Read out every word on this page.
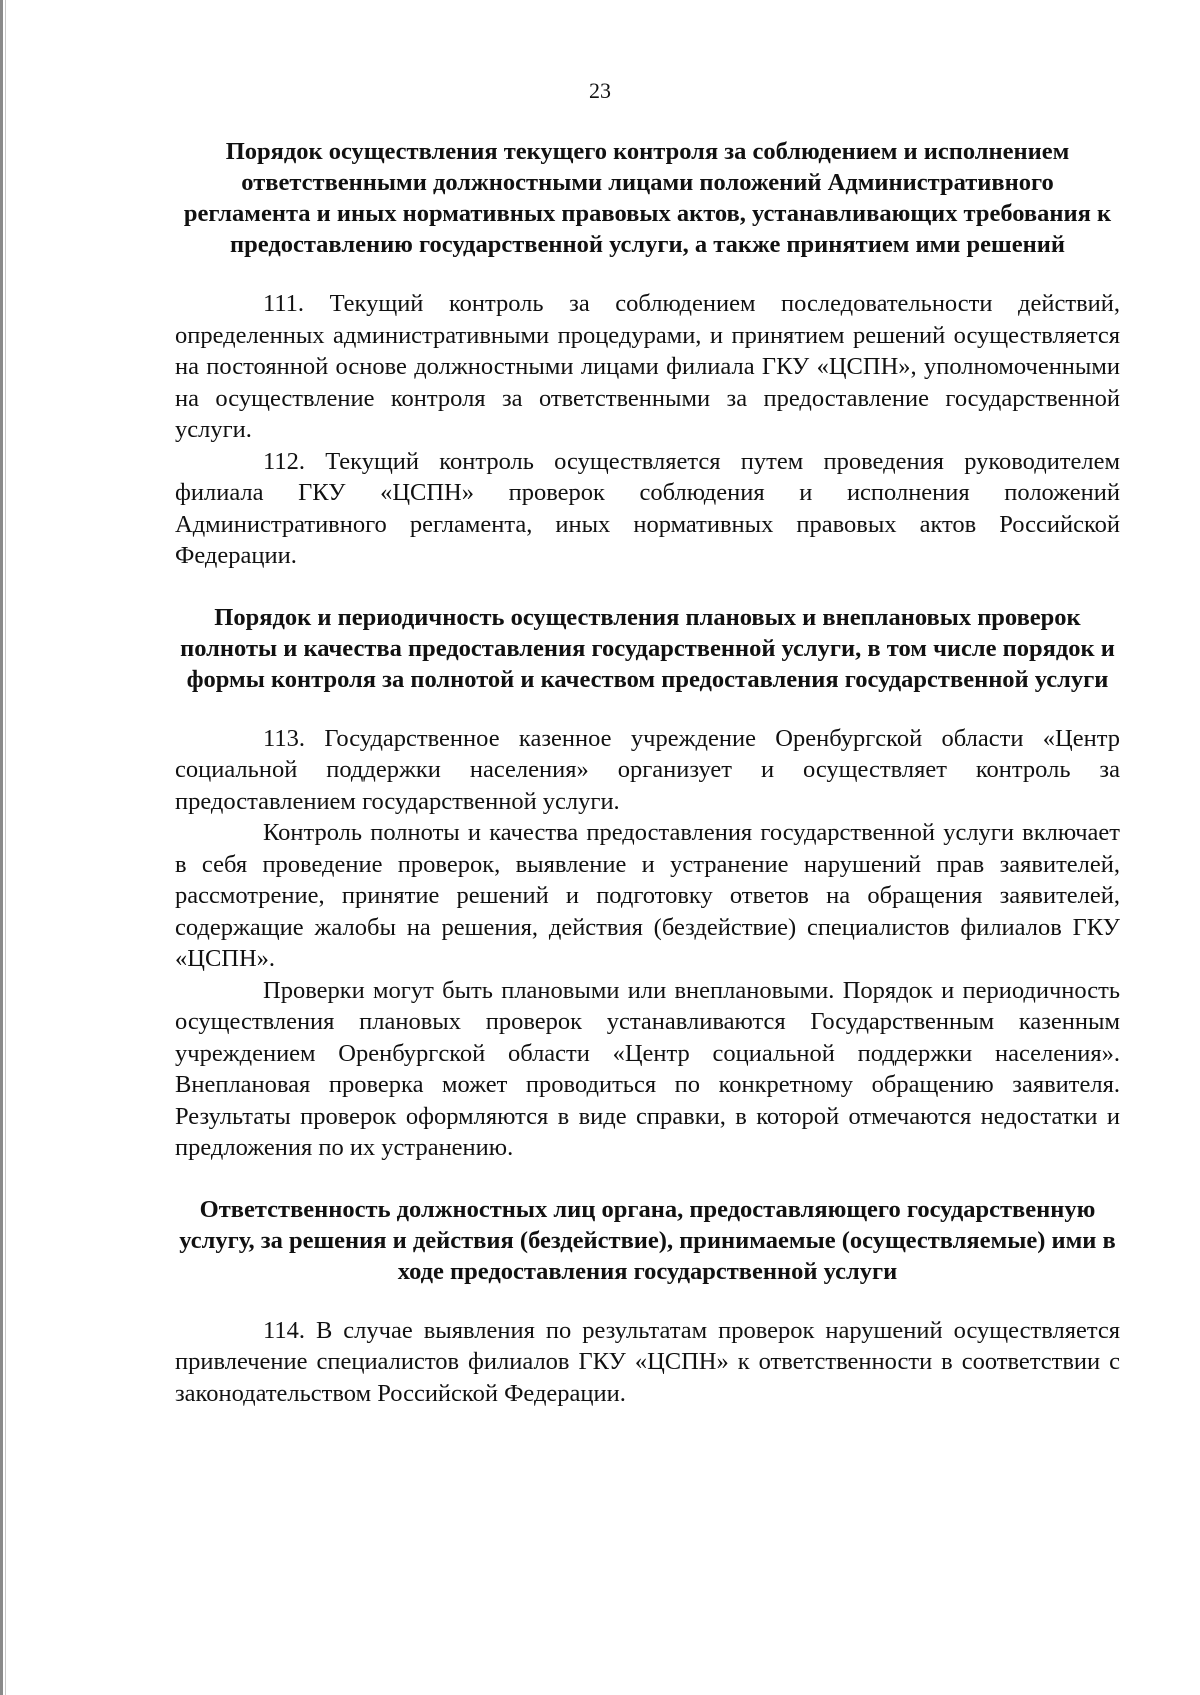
23
Порядок осуществления текущего контроля за соблюдением и исполнением ответственными должностными лицами положений Административного регламента и иных нормативных правовых актов, устанавливающих требования к предоставлению государственной услуги, а также принятием ими решений

111. Текущий контроль за соблюдением последовательности действий, определенных административными процедурами, и принятием решений осуществляется на постоянной основе должностными лицами филиала ГКУ «ЦСПН», уполномоченными на осуществление контроля за ответственными за предоставление государственной услуги.

112. Текущий контроль осуществляется путем проведения руководителем филиала ГКУ «ЦСПН» проверок соблюдения и исполнения положений Административного регламента, иных нормативных правовых актов Российской Федерации.

Порядок и периодичность осуществления плановых и внеплановых проверок полноты и качества предоставления государственной услуги, в том числе порядок и формы контроля за полнотой и качеством предоставления государственной услуги

113. Государственное казенное учреждение Оренбургской области «Центр социальной поддержки населения» организует и осуществляет контроль за предоставлением государственной услуги.

Контроль полноты и качества предоставления государственной услуги включает в себя проведение проверок, выявление и устранение нарушений прав заявителей, рассмотрение, принятие решений и подготовку ответов на обращения заявителей, содержащие жалобы на решения, действия (бездействие) специалистов филиалов ГКУ «ЦСПН».

Проверки могут быть плановыми или внеплановыми. Порядок и периодичность осуществления плановых проверок устанавливаются Государственным казенным учреждением Оренбургской области «Центр социальной поддержки населения». Внеплановая проверка может проводиться по конкретному обращению заявителя. Результаты проверок оформляются в виде справки, в которой отмечаются недостатки и предложения по их устранению.

Ответственность должностных лиц органа, предоставляющего государственную услугу, за решения и действия (бездействие), принимаемые (осуществляемые) ими в ходе предоставления государственной услуги

114. В случае выявления по результатам проверок нарушений осуществляется привлечение специалистов филиалов ГКУ «ЦСПН» к ответственности в соответствии с законодательством Российской Федерации.
